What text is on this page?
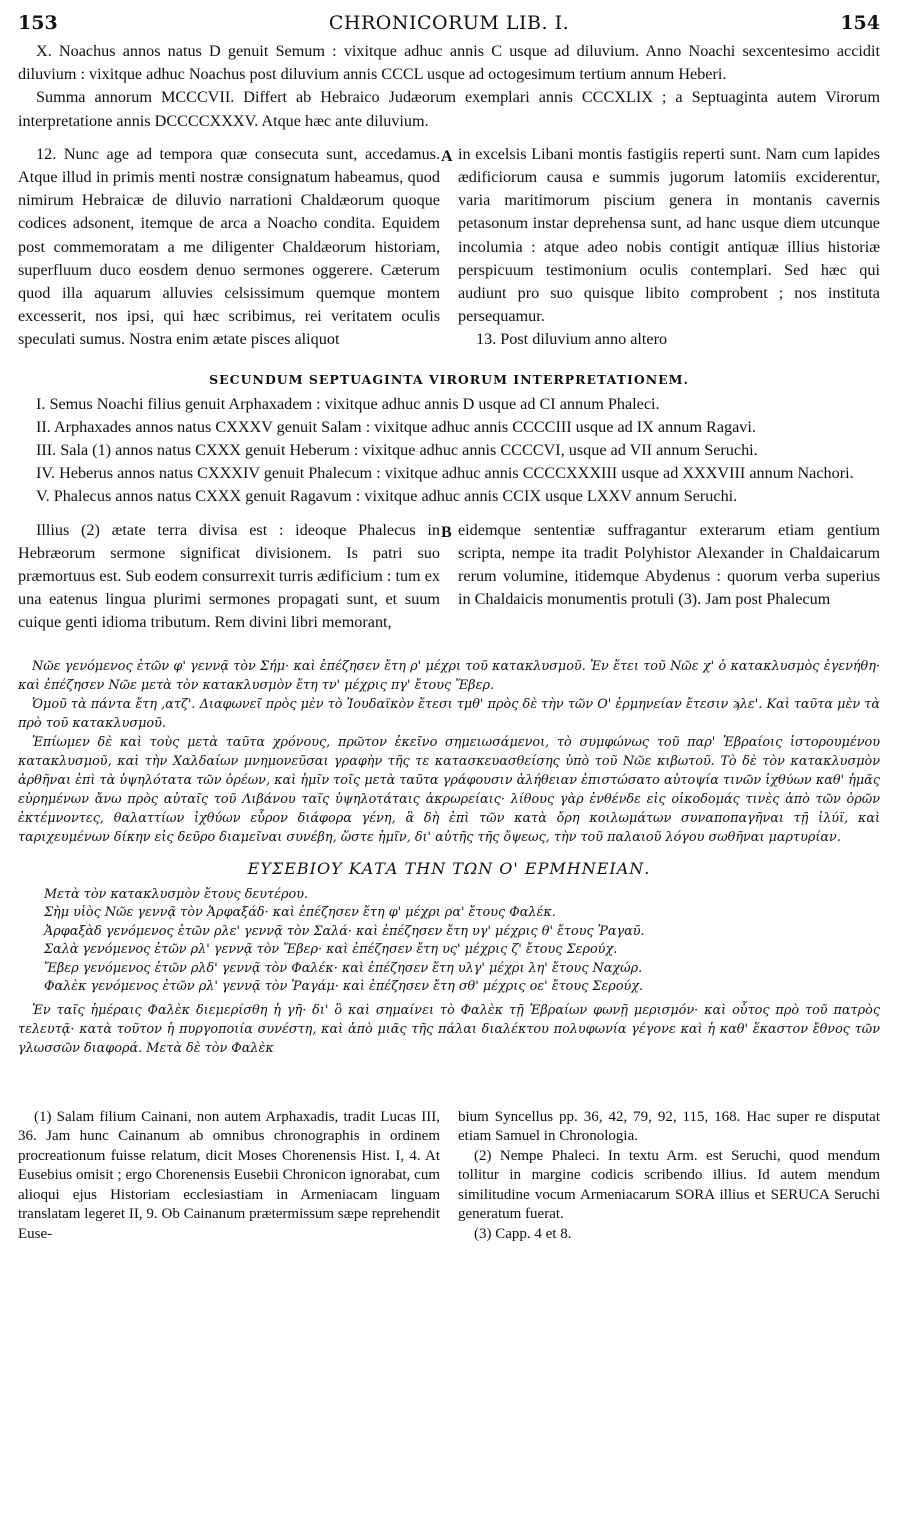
153	CHRONICORUM LIB. I.	154

X. Noachus annos natus D genuit Semum : vixitque adhuc annis C usque ad diluvium. Anno Noachi sexcentesimo accidit diluvium : vixitque adhuc Noachus post diluvium annis CCCL usque ad octogesimum tertium annum Heberi.

Summa annorum MCCCVII. Differt ab Hebraico Judæorum exemplari annis CCCXLIX ; a Septuaginta autem Virorum interpretatione annis DCCCCXXXV. Atque hæc ante diluvium.

A

12. Nunc age ad tempora quæ consecuta sunt, accedamus. Atque illud in primis menti nostræ consignatum habeamus, quod nimirum Hebraicæ de diluvio narrationi Chaldæorum quoque codices adsonent, itemque de arca a Noacho condita. Equidem post commemoratam a me diligenter Chaldæorum historiam, superfluum duco eosdem denuo sermones oggerere. Cæterum quod illa aquarum alluvies celsissimum quemque montem excesserit, nos ipsi, qui hæc scribimus, rei veritatem oculis speculati sumus. Nostra enim ætate pisces aliquot

in excelsis Libani montis fastigiis reperti sunt. Nam cum lapides ædificiorum causa e summis jugorum latomiis exciderentur, varia maritimorum piscium genera in montanis cavernis petasonum instar deprehensa sunt, ad hanc usque diem utcunque incolumia : atque adeo nobis contigit antiquæ illius historiæ perspicuum testimonium oculis contemplari. Sed hæc qui audiunt pro suo quisque libito comprobent ; nos instituta persequamur.

13. Post diluvium anno altero

SECUNDUM SEPTUAGINTA VIRORUM INTERPRETATIONEM.

I. Semus Noachi filius genuit Arphaxadem : vixitque adhuc annis D usque ad CI annum Phaleci.

II. Arphaxades annos natus CXXXV genuit Salam : vixitque adhuc annis CCCCIII usque ad IX annum Ragavi.

III. Sala (1) annos natus CXXX genuit Heberum : vixitque adhuc annis CCCCVI, usque ad VII annum Seruchi.

IV. Heberus annos natus CXXXIV genuit Phalecum : vixitque adhuc annis CCCCXXXIII usque ad XXXVIII annum Nachori.

V. Phalecus annos natus CXXX genuit Ragavum : vixitque adhuc annis CCIX usque LXXV annum Seruchi.

B

Illius (2) ætate terra divisa est : ideoque Phalecus in Hebræorum sermone significat divisionem. Is patri suo præmortuus est. Sub eodem consurrexit turris ædificium : tum ex una eatenus lingua plurimi sermones propagati sunt, et suum cuique genti idioma tributum. Rem divini libri memorant,

eidemque sententiæ suffragantur exterarum etiam gentium scripta, nempe ita tradit Polyhistor Alexander in Chaldaicarum rerum volumine, itidemque Abydenus : quorum verba superius in Chaldaicis monumentis protuli (3). Jam post Phalecum

Νῶε γενόμενος ἐτῶν φ' γεννᾷ τὸν Σήμ· καὶ ἐπέζησεν ἔτη ρ' μέχρι τοῦ κατακλυσμοῦ. Ἐν ἔτει τοῦ Νῶε χ' ὁ κατακλυσμὸς ἐγενήθη· καὶ ἐπέζησεν Νῶε μετὰ τὸν κατακλυσμὸν ἔτη τν' μέχρις πγ' ἔτους Ἔβερ.

Ὁμοῦ τὰ πάντα ἔτη ,ατζ'. Διαφωνεῖ πρὸς μὲν τὸ Ἰουδαϊκὸν ἔτεσι τμθ' πρὸς δὲ τὴν τῶν Ο' ἑρμηνείαν ἔτεσιν ϡλε'. Καὶ ταῦτα μὲν τὰ πρὸ τοῦ κατακλυσμοῦ.

Ἐπίωμεν δὲ καὶ τοὺς μετὰ ταῦτα χρόνους, πρῶτον ἐκεῖνο σημειωσάμενοι, τὸ συμφώνως τοῦ παρ' Ἑβραίοις ἱστορουμένου κατακλυσμοῦ, καὶ τὴν Χαλδαίων μνημονεῦσαι γραφὴν τῆς τε κατασκευασθείσης ὑπὸ τοῦ Νῶε κιβωτοῦ. Τὸ δὲ τὸν κατακλυσμὸν ἀρθῆναι ἐπὶ τὰ ὑψηλότατα τῶν ὀρέων, καὶ ἡμῖν τοῖς μετὰ ταῦτα γράφουσιν ἀλήθειαν ἐπιστώσατο αὐτοψία τινῶν ἰχθύων καθ' ἡμᾶς εὑρημένων ἄνω πρὸς αὐταῖς τοῦ Λιβάνου ταῖς ὑψηλοτάταις ἀκρωρείαις· λίθους γὰρ ἐνθένδε εἰς οἰκοδομάς τινὲς ἀπὸ τῶν ὀρῶν ἐκτέμνοντες, θαλαττίων ἰχθύων εὗρον διάφορα γένη, ἃ δὴ ἐπὶ τῶν κατὰ ὄρη κοιλωμάτων συναποπαγῆναι τῇ ἰλύϊ, καὶ ταριχευμένων δίκην εἰς δεῦρο διαμεῖναι συνέβη, ὥστε ἡμῖν, δι' αὐτῆς τῆς ὄψεως, τὴν τοῦ παλαιοῦ λόγου σωθῆναι μαρτυρίαν.

ΕΥΣΕΒΙΟΥ ΚΑΤΑ ΤΗΝ ΤΩΝ Ο' ΕΡΜΗΝΕΙΑΝ.
Μετὰ τὸν κατακλυσμὸν ἔτους δευτέρου.
Σὴμ υἱὸς Νῶε γεννᾷ τὸν Ἀρφαξάδ· καὶ ἐπέζησεν ἔτη φ' μέχρι ρα' ἔτους Φαλέκ.
Ἀρφαξὰδ γενόμενος ἐτῶν ρλε' γεννᾷ τὸν Σαλά· καὶ ἐπέζησεν ἔτη υγ' μέχρις θ' ἔτους Ῥαγαῦ.
Σαλὰ γενόμενος ἐτῶν ρλ' γεννᾷ τὸν Ἔβερ· καὶ ἐπέζησεν ἔτη υς' μέχρις ζ' ἔτους Σερούχ.
Ἔβερ γενόμενος ἐτῶν ρλδ' γεννᾷ τὸν Φαλέκ· καὶ ἐπέζησεν ἔτη υλγ' μέχρι λη' ἔτους Ναχώρ.
Φαλὲκ γενόμενος ἐτῶν ρλ' γεννᾷ τὸν Ῥαγάμ· καὶ ἐπέζησεν ἔτη σθ' μέχρις οε' ἔτους Σερούχ.

Ἐν ταῖς ἡμέραις Φαλὲκ διεμερίσθη ἡ γῆ· δι' ὃ καὶ σημαίνει τὸ Φαλὲκ τῇ Ἑβραίων φωνῇ μερισμόν· καὶ οὗτος πρὸ τοῦ πατρὸς τελευτᾷ· κατὰ τοῦτον ἡ πυργοποιία συνέστη, καὶ ἀπὸ μιᾶς τῆς πάλαι διαλέκτου πολυφωνία γέγονε καὶ ἡ καθ' ἕκαστον ἔθνος τῶν γλωσσῶν διαφορά. Μετὰ δὲ τὸν Φαλὲκ

(1) Salam filium Cainani, non autem Arphaxadis, tradit Lucas III, 36. Jam hunc Cainanum ab omnibus chronographis in ordinem procreationum fuisse relatum, dicit Moses Chorenensis Hist. I, 4. At Eusebius omisit ; ergo Chorenensis Eusebii Chronicon ignorabat, cum alioqui ejus Historiam ecclesiastiam in Armeniacam linguam translatam legeret II, 9. Ob Cainanum prætermissum sæpe reprehendit Euse-

bium Syncellus pp. 36, 42, 79, 92, 115, 168. Hac super re disputat etiam Samuel in Chronologia.

(2) Nempe Phaleci. In textu Arm. est Seruchi, quod mendum tollitur in margine codicis scribendo illius. Id autem mendum similitudine vocum Armeniacarum SORA illius et SERUCA Seruchi generatum fuerat.

(3) Capp. 4 et 8.
